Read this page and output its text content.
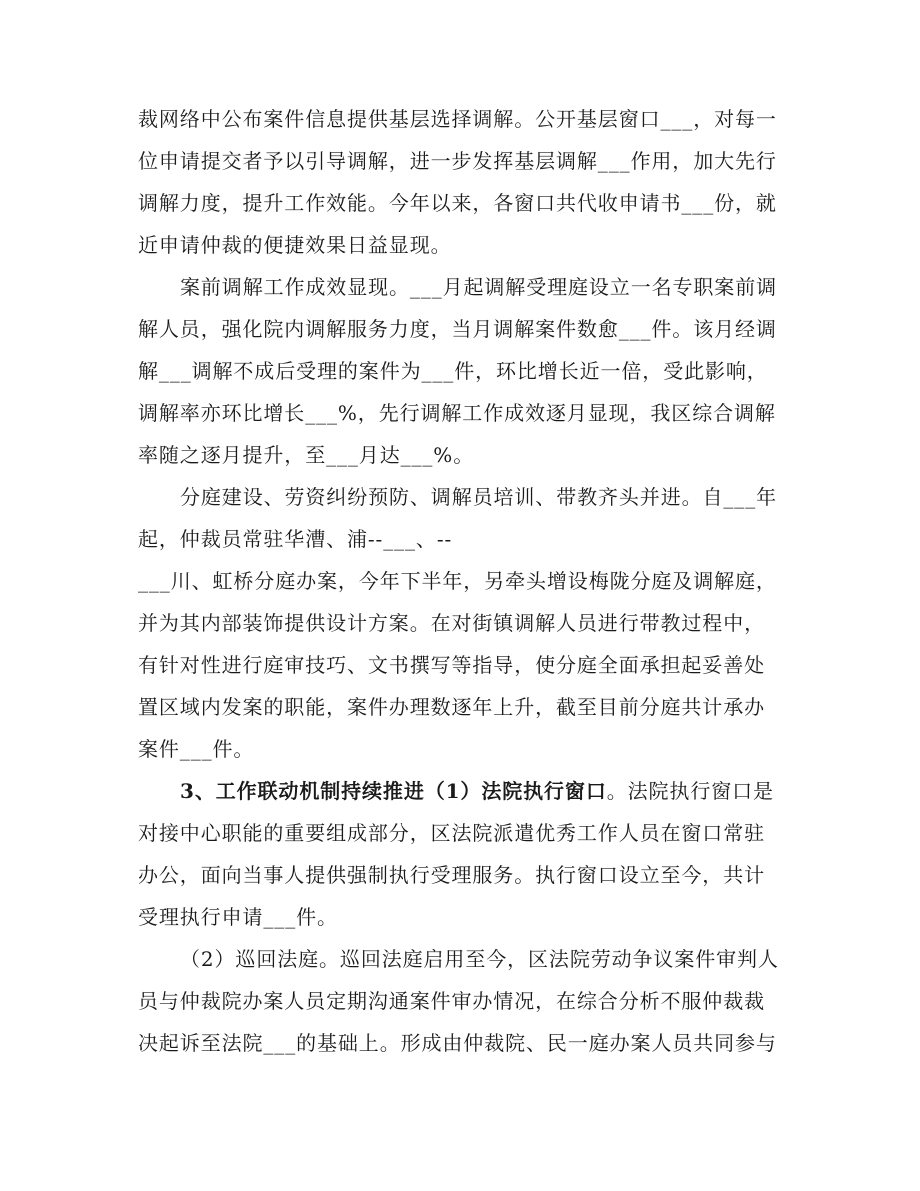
裁网络中公布案件信息提供基层选择调解。公开基层窗口___，对每一
位申请提交者予以引导调解，进一步发挥基层调解___作用，加大先行
调解力度，提升工作效能。今年以来，各窗口共代收申请书___份，就
近申请仲裁的便捷效果日益显现。
案前调解工作成效显现。___月起调解受理庭设立一名专职案前调
解人员，强化院内调解服务力度，当月调解案件数愈___件。该月经调
解___调解不成后受理的案件为___件，环比增长近一倍，受此影响，
调解率亦环比增长___%，先行调解工作成效逐月显现，我区综合调解
率随之逐月提升，至___月达___%。
分庭建设、劳资纠纷预防、调解员培训、带教齐头并进。自___年
起，仲裁员常驻华漕、浦--___、--
___川、虹桥分庭办案，今年下半年，另牵头增设梅陇分庭及调解庭，
并为其内部装饰提供设计方案。在对街镇调解人员进行带教过程中，
有针对性进行庭审技巧、文书撰写等指导，使分庭全面承担起妥善处
置区域内发案的职能，案件办理数逐年上升，截至目前分庭共计承办
案件___件。
3、工作联动机制持续推进（1）法院执行窗口。法院执行窗口是
对接中心职能的重要组成部分，区法院派遣优秀工作人员在窗口常驻
办公，面向当事人提供强制执行受理服务。执行窗口设立至今，共计
受理执行申请___件。
（2）巡回法庭。巡回法庭启用至今，区法院劳动争议案件审判人
员与仲裁院办案人员定期沟通案件审办情况，在综合分析不服仲裁裁
决起诉至法院___的基础上。形成由仲裁院、民一庭办案人员共同参与
